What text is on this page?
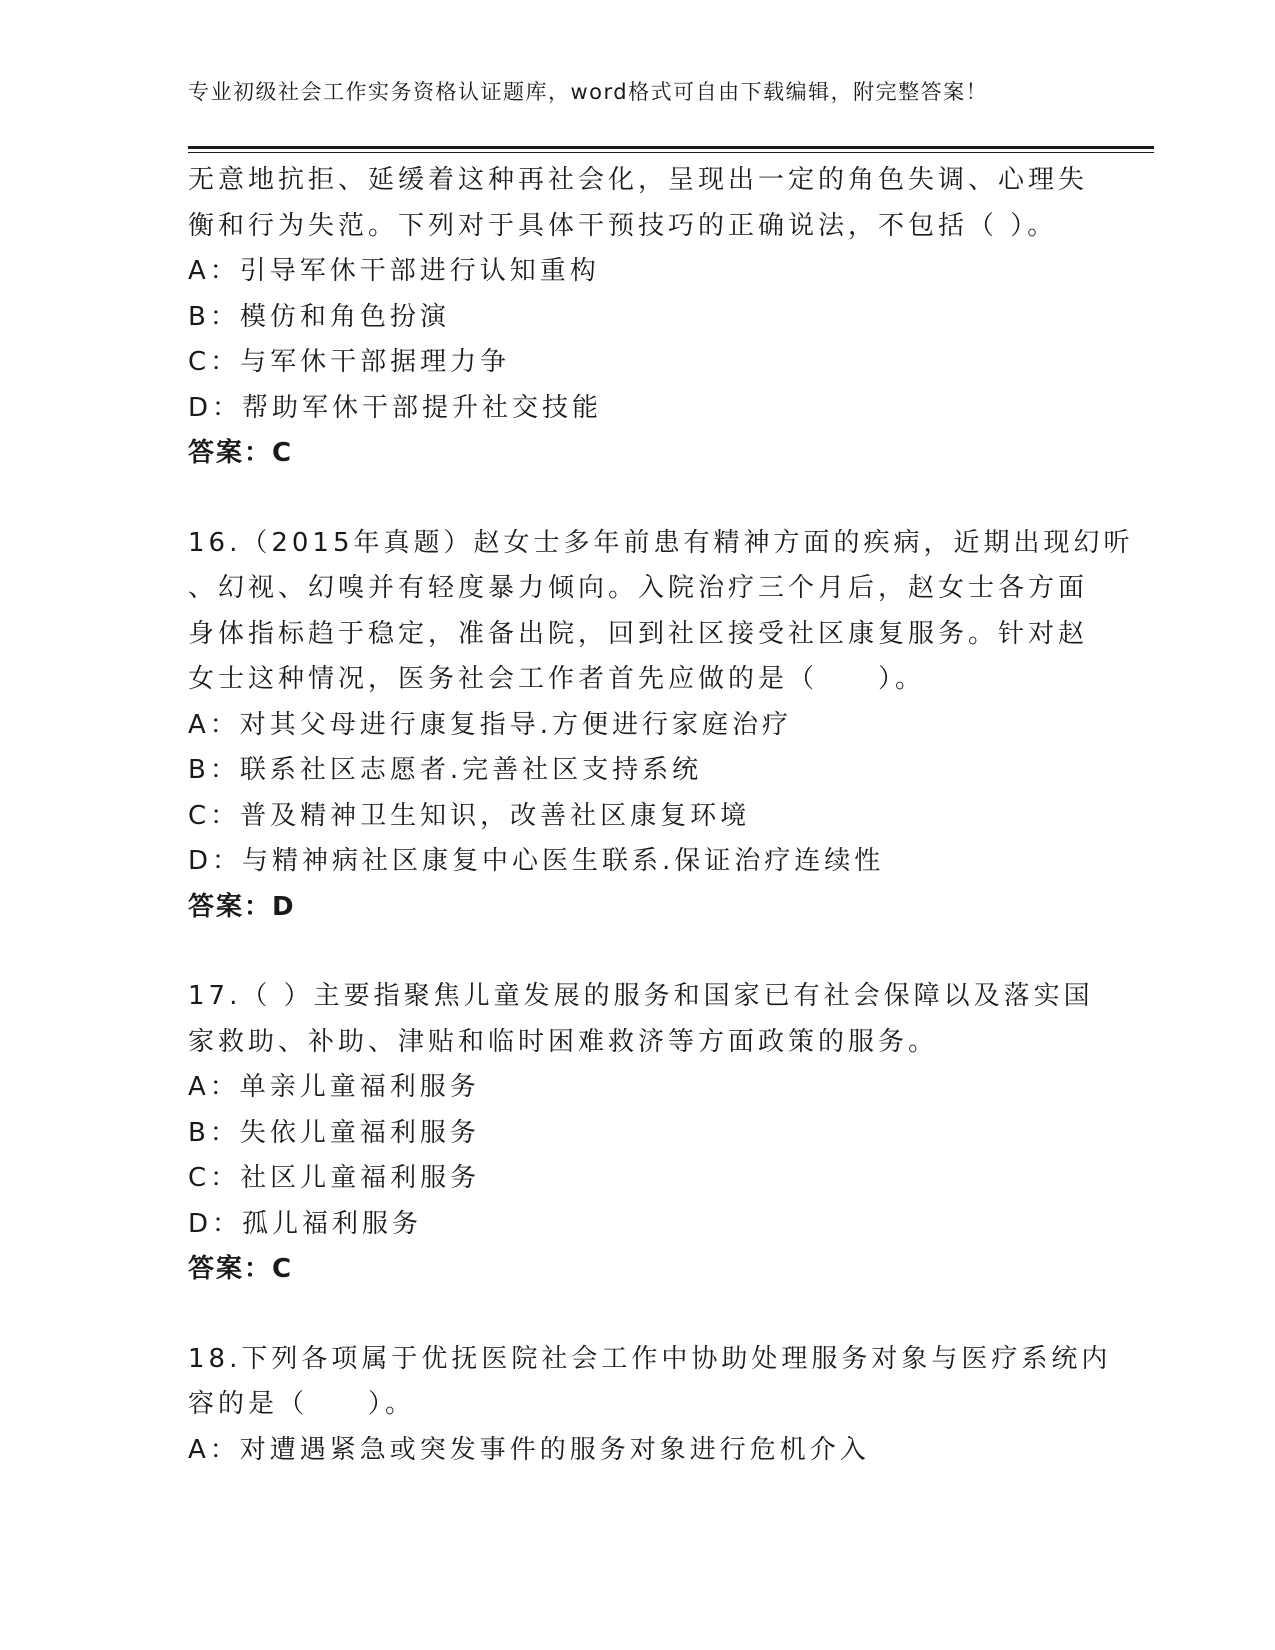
专业初级社会工作实务资格认证题库，word格式可自由下载编辑，附完整答案！
无意地抗拒、延缓着这种再社会化，呈现出一定的角色失调、心理失
衡和行为失范。下列对于具体干预技巧的正确说法，不包括（ ）。
A：引导军休干部进行认知重构
B：模仿和角色扮演
C：与军休干部据理力争
D：帮助军休干部提升社交技能
答案：C
16.（2015年真题）赵女士多年前患有精神方面的疾病，近期出现幻听
、幻视、幻嗅并有轻度暴力倾向。入院治疗三个月后，赵女士各方面
身体指标趋于稳定，准备出院，回到社区接受社区康复服务。针对赵
女士这种情况，医务社会工作者首先应做的是（　　）。
A：对其父母进行康复指导.方便进行家庭治疗
B：联系社区志愿者.完善社区支持系统
C：普及精神卫生知识，改善社区康复环境
D：与精神病社区康复中心医生联系.保证治疗连续性
答案：D
17.（ ）主要指聚焦儿童发展的服务和国家已有社会保障以及落实国
家救助、补助、津贴和临时困难救济等方面政策的服务。
A：单亲儿童福利服务
B：失依儿童福利服务
C：社区儿童福利服务
D：孤儿福利服务
答案：C
18.下列各项属于优抚医院社会工作中协助处理服务对象与医疗系统内
容的是（　　）。
A：对遭遇紧急或突发事件的服务对象进行危机介入
